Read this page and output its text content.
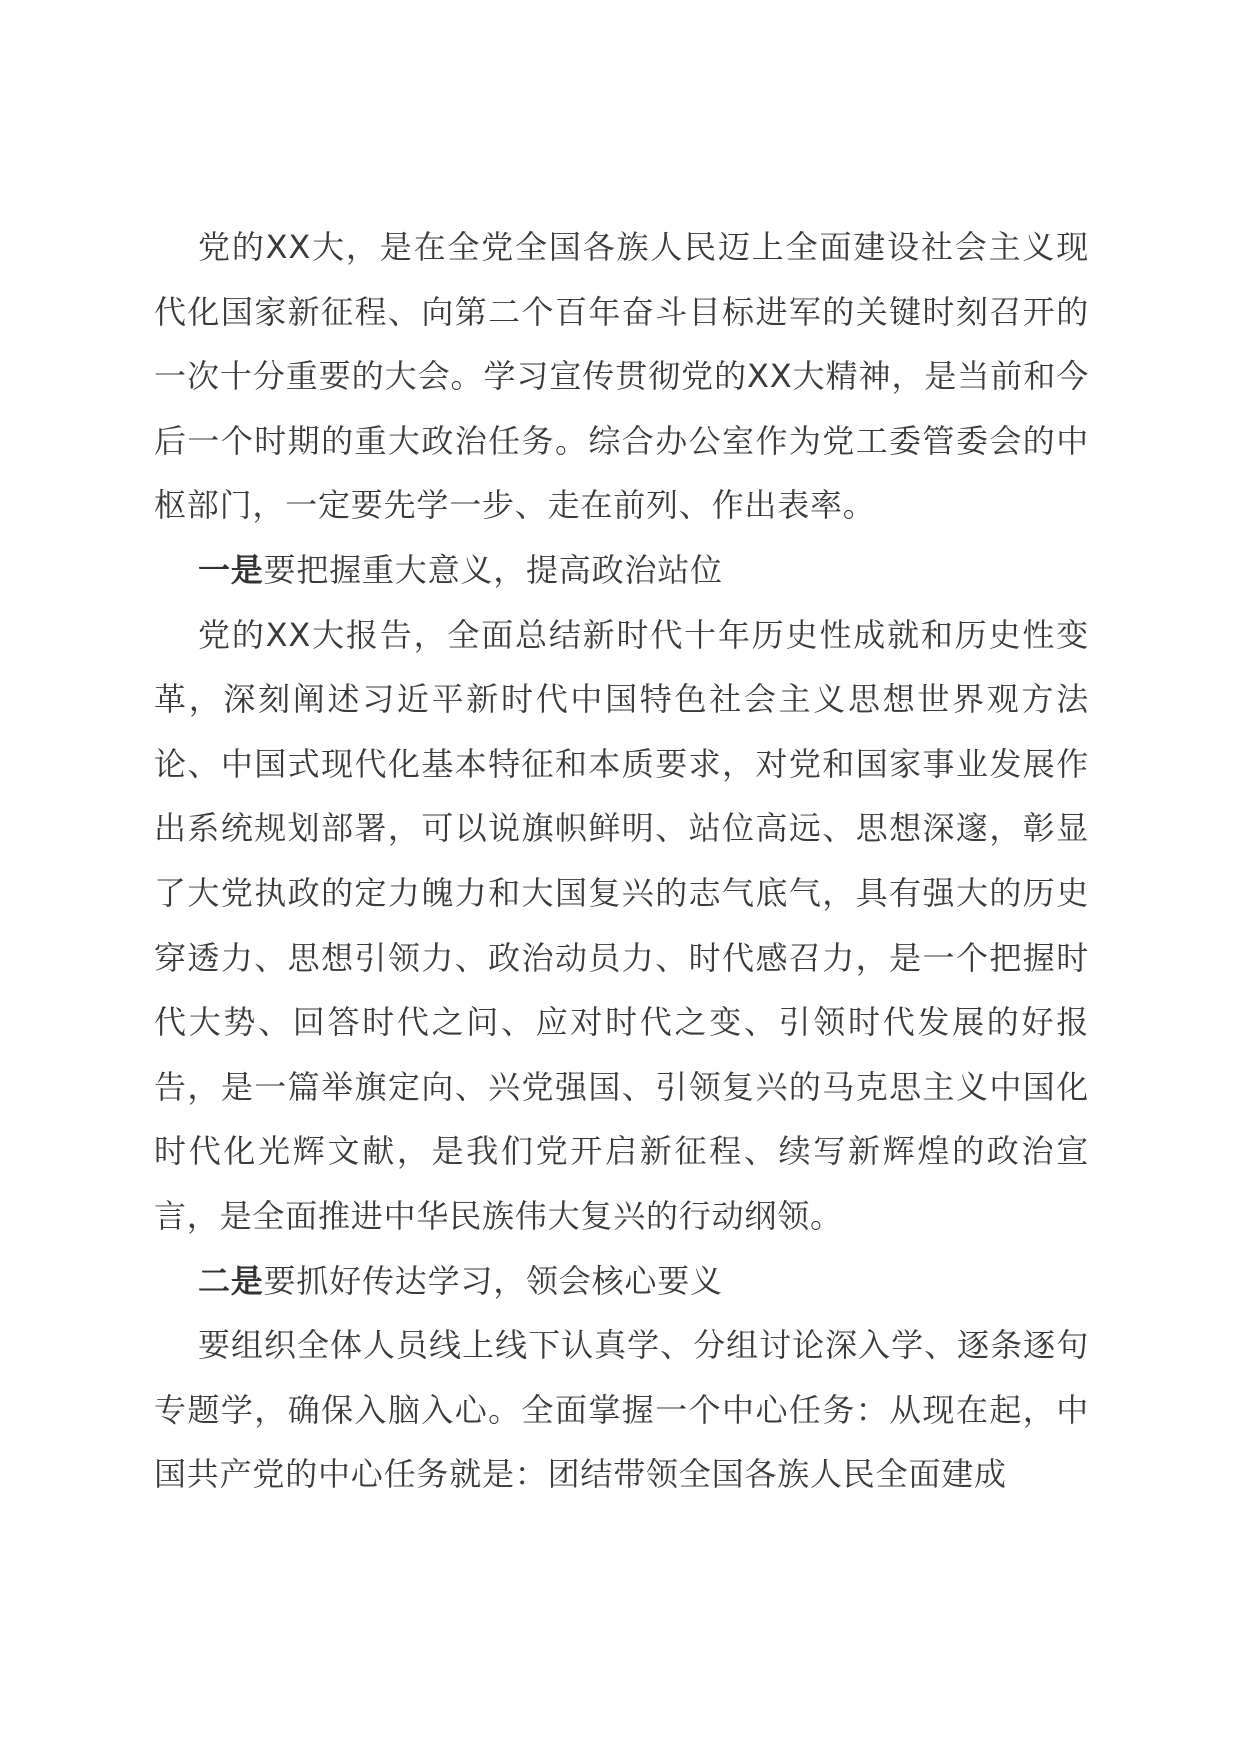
党的XX大，是在全党全国各族人民迈上全面建设社会主义现代化国家新征程、向第二个百年奋斗目标进军的关键时刻召开的一次十分重要的大会。学习宣传贯彻党的XX大精神，是当前和今后一个时期的重大政治任务。综合办公室作为党工委管委会的中枢部门，一定要先学一步、走在前列、作出表率。

一是要把握重大意义，提高政治站位

党的XX大报告，全面总结新时代十年历史性成就和历史性变革，深刻阐述习近平新时代中国特色社会主义思想世界观方法论、中国式现代化基本特征和本质要求，对党和国家事业发展作出系统规划部署，可以说旗帜鲜明、站位高远、思想深邃，彰显了大党执政的定力魄力和大国复兴的志气底气，具有强大的历史穿透力、思想引领力、政治动员力、时代感召力，是一个把握时代大势、回答时代之问、应对时代之变、引领时代发展的好报告，是一篇举旗定向、兴党强国、引领复兴的马克思主义中国化时代化光辉文献，是我们党开启新征程、续写新辉煌的政治宣言，是全面推进中华民族伟大复兴的行动纲领。

二是要抓好传达学习，领会核心要义

要组织全体人员线上线下认真学、分组讨论深入学、逐条逐句专题学，确保入脑入心。全面掌握一个中心任务：从现在起，中国共产党的中心任务就是：团结带领全国各族人民全面建成
